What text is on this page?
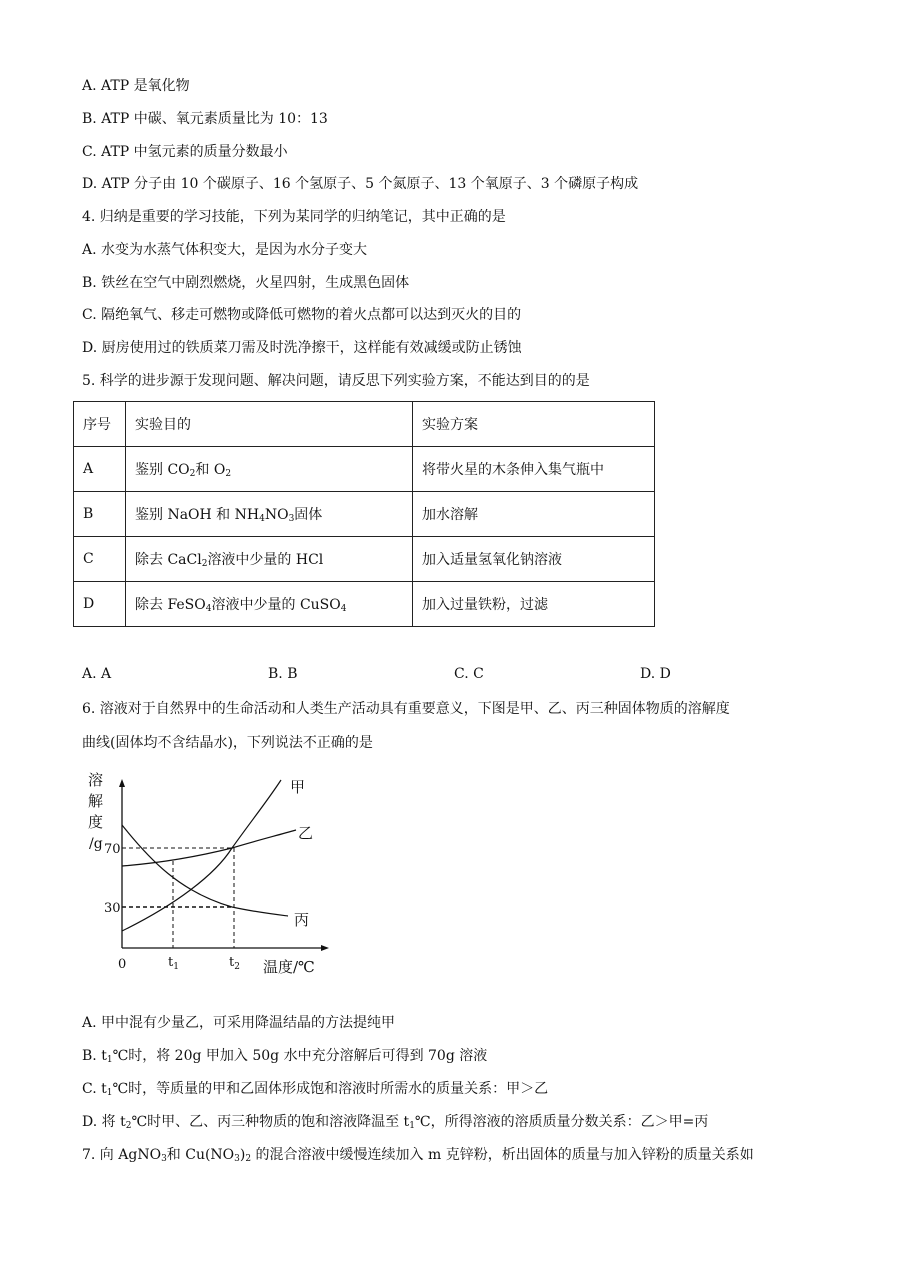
A. ATP 是氧化物
B. ATP 中碳、氧元素质量比为 10：13
C. ATP 中氢元素的质量分数最小
D. ATP 分子由 10 个碳原子、16 个氢原子、5 个氮原子、13 个氧原子、3 个磷原子构成
4. 归纳是重要的学习技能，下列为某同学的归纳笔记，其中正确的是
A. 水变为水蒸气体积变大，是因为水分子变大
B. 铁丝在空气中剧烈燃烧，火星四射，生成黑色固体
C. 隔绝氧气、移走可燃物或降低可燃物的着火点都可以达到灭火的目的
D. 厨房使用过的铁质菜刀需及时洗净擦干，这样能有效减缓或防止锈蚀
5. 科学的进步源于发现问题、解决问题，请反思下列实验方案，不能达到目的的是
序号	实验目的	实验方案
A	鉴别 $CO_2$和 $O_2$	将带火星的木条伸入集气瓶中
B	鉴别 NaOH 和 $NH_4NO_3$固体	加水溶解
C	除去 CaCl$_2$溶液中少量的 HCl	加入适量氢氧化钠溶液
D	除去 FeSO$_4$溶液中少量的 CuSO$_4$	加入过量铁粉，过滤
A. A	B. B	C. C	D. D
6. 溶液对于自然界中的生命活动和人类生产活动具有重要意义，下图是甲、乙、丙三种固体物质的溶解度
曲线(固体均不含结晶水)，下列说法不正确的是
溶
解
度
/g 70
30
0	$t_1$	$t_2$ 温度/℃
甲
乙
丙
A. 甲中混有少量乙，可采用降温结晶的方法提纯甲
B. $t_1℃$时，将 20g 甲加入 50g 水中充分溶解后可得到 70g 溶液
C. $t_1℃$时，等质量的甲和乙固体形成饱和溶液时所需水的质量关系：甲＞乙
D. 将 $t_2℃$时甲、乙、丙三种物质的饱和溶液降温至 $t_1℃$，所得溶液的溶质质量分数关系：乙＞甲=丙
7. 向 AgNO$_3$和 $Cu(NO_3)_2$ 的混合溶液中缓慢连续加入 m 克锌粉，析出固体的质量与加入锌粉的质量关系如
